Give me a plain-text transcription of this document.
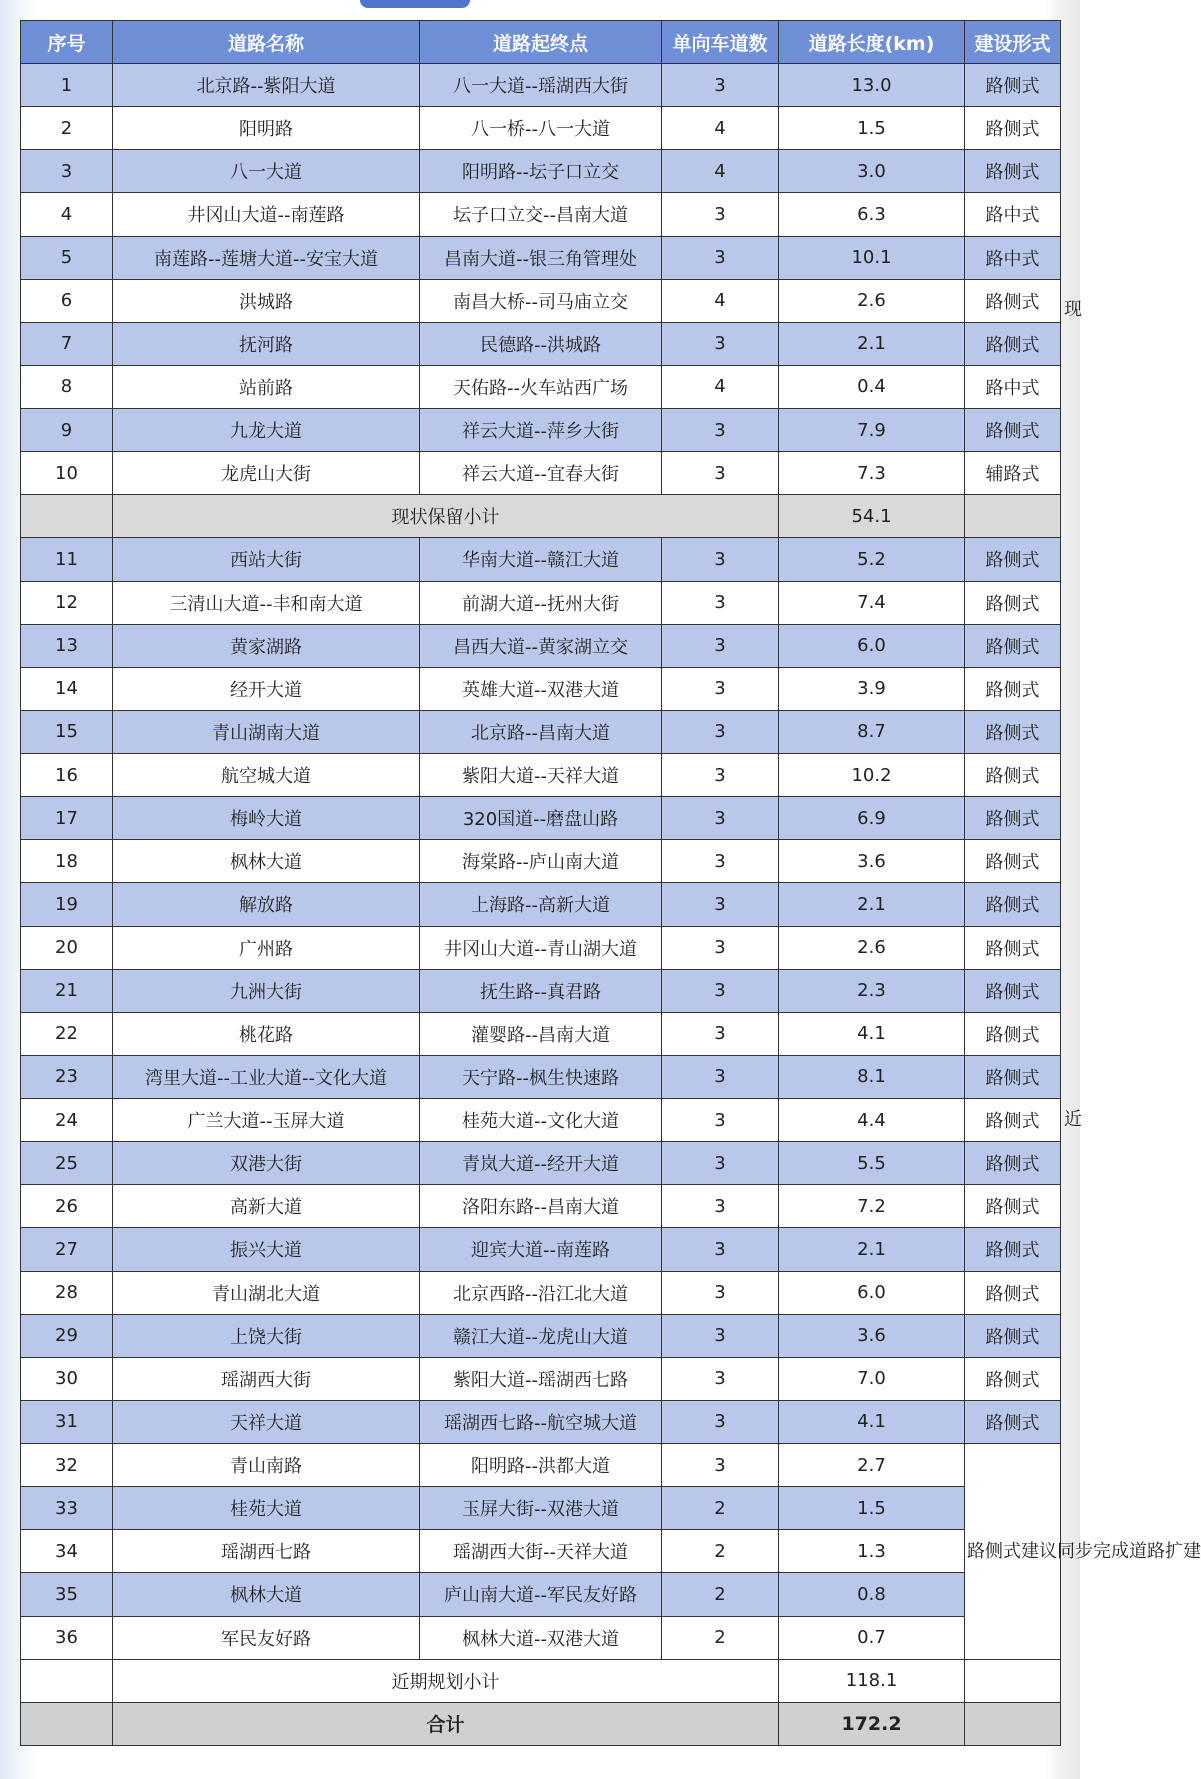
序号	道路名称	道路起终点	单向车道数	道路长度(km)	建设形式
1	北京路--紫阳大道	八一大道--瑶湖西大街	3	13.0	路侧式
2	阳明路	八一桥--八一大道	4	1.5	路侧式
3	八一大道	阳明路--坛子口立交	4	3.0	路侧式
4	井冈山大道--南莲路	坛子口立交--昌南大道	3	6.3	路中式
5	南莲路--莲塘大道--安宝大道	昌南大道--银三角管理处	3	10.1	路中式
6	洪城路	南昌大桥--司马庙立交	4	2.6	路侧式
7	抚河路	民德路--洪城路	3	2.1	路侧式
8	站前路	天佑路--火车站西广场	4	0.4	路中式
9	九龙大道	祥云大道--萍乡大街	3	7.9	路侧式
10	龙虎山大街	祥云大道--宜春大街	3	7.3	辅路式
	现状保留小计			54.1	
11	西站大街	华南大道--赣江大道	3	5.2	路侧式
12	三清山大道--丰和南大道	前湖大道--抚州大街	3	7.4	路侧式
13	黄家湖路	昌西大道--黄家湖立交	3	6.0	路侧式
14	经开大道	英雄大道--双港大道	3	3.9	路侧式
15	青山湖南大道	北京路--昌南大道	3	8.7	路侧式
16	航空城大道	紫阳大道--天祥大道	3	10.2	路侧式
17	梅岭大道	320国道--磨盘山路	3	6.9	路侧式
18	枫林大道	海棠路--庐山南大道	3	3.6	路侧式
19	解放路	上海路--高新大道	3	2.1	路侧式
20	广州路	井冈山大道--青山湖大道	3	2.6	路侧式
21	九洲大街	抚生路--真君路	3	2.3	路侧式
22	桃花路	灌婴路--昌南大道	3	4.1	路侧式
23	湾里大道--工业大道--文化大道	天宁路--枫生快速路	3	8.1	路侧式
24	广兰大道--玉屏大道	桂苑大道--文化大道	3	4.4	路侧式
25	双港大街	青岚大道--经开大道	3	5.5	路侧式
26	高新大道	洛阳东路--昌南大道	3	7.2	路侧式
27	振兴大道	迎宾大道--南莲路	3	2.1	路侧式
28	青山湖北大道	北京西路--沿江北大道	3	6.0	路侧式
29	上饶大街	赣江大道--龙虎山大道	3	3.6	路侧式
30	瑶湖西大街	紫阳大道--瑶湖西七路	3	7.0	路侧式
31	天祥大道	瑶湖西七路--航空城大道	3	4.1	路侧式
32	青山南路	阳明路--洪都大道	3	2.7	路侧式建议同步完成道路扩建
33	桂苑大道	玉屏大街--双港大道	2	1.5	
34	瑶湖西七路	瑶湖西大街--天祥大道	2	1.3	
35	枫林大道	庐山南大道--军民友好路	2	0.8	
36	军民友好路	枫林大道--双港大道	2	0.7	
	近期规划小计			118.1	
	合计			172.2	
现
近
